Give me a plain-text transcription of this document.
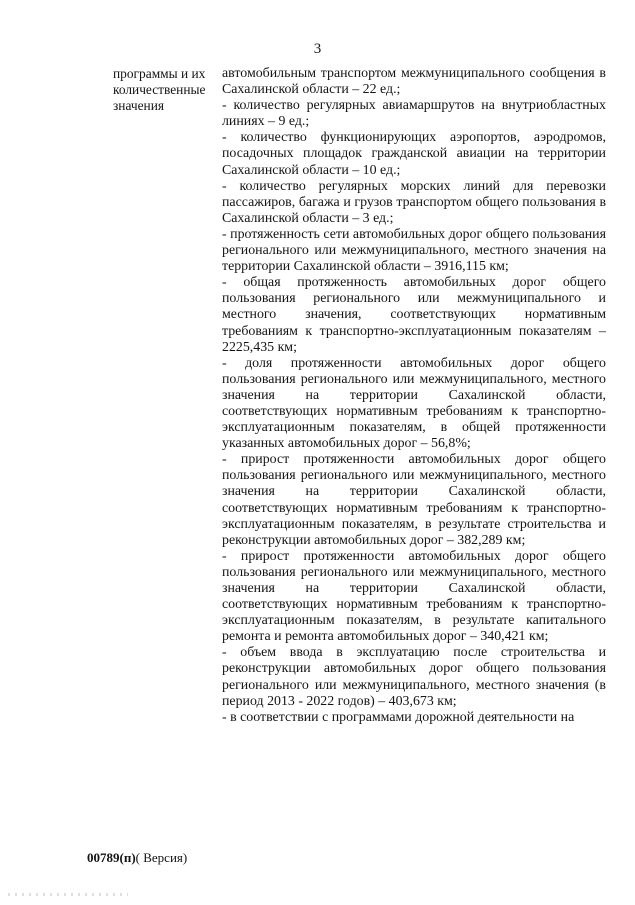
3
программы и их
количественные
значения

автомобильным транспортом межмуниципального сообщения в Сахалинской области – 22 ед.;

- количество регулярных авиамаршрутов на внутриобластных линиях – 9 ед.;

- количество функционирующих аэропортов, аэродромов, посадочных площадок гражданской авиации на территории Сахалинской области – 10 ед.;

- количество регулярных морских линий для перевозки пассажиров, багажа и грузов транспортом общего пользования в Сахалинской области – 3 ед.;

- протяженность сети автомобильных дорог общего пользования регионального или межмуниципального, местного значения на территории Сахалинской области – 3916,115 км;

- общая протяженность автомобильных дорог общего пользования регионального или межмуниципального и местного значения, соответствующих нормативным требованиям к транспортно-эксплуатационным показателям – 2225,435 км;

- доля протяженности автомобильных дорог общего пользования регионального или межмуниципального, местного значения на территории Сахалинской области, соответствующих нормативным требованиям к транспортно-эксплуатационным показателям, в общей протяженности указанных автомобильных дорог – 56,8%;

- прирост протяженности автомобильных дорог общего пользования регионального или межмуниципального, местного значения на территории Сахалинской области, соответствующих нормативным требованиям к транспортно-эксплуатационным показателям, в результате строительства и реконструкции автомобильных дорог – 382,289 км;

- прирост протяженности автомобильных дорог общего пользования регионального или межмуниципального, местного значения на территории Сахалинской области, соответствующих нормативным требованиям к транспортно-эксплуатационным показателям, в результате капитального ремонта и ремонта автомобильных дорог – 340,421 км;

- объем ввода в эксплуатацию после строительства и реконструкции автомобильных дорог общего пользования регионального или межмуниципального, местного значения (в период 2013 - 2022 годов) – 403,673 км;

- в соответствии с программами дорожной деятельности на

00789(п)( Версия)
